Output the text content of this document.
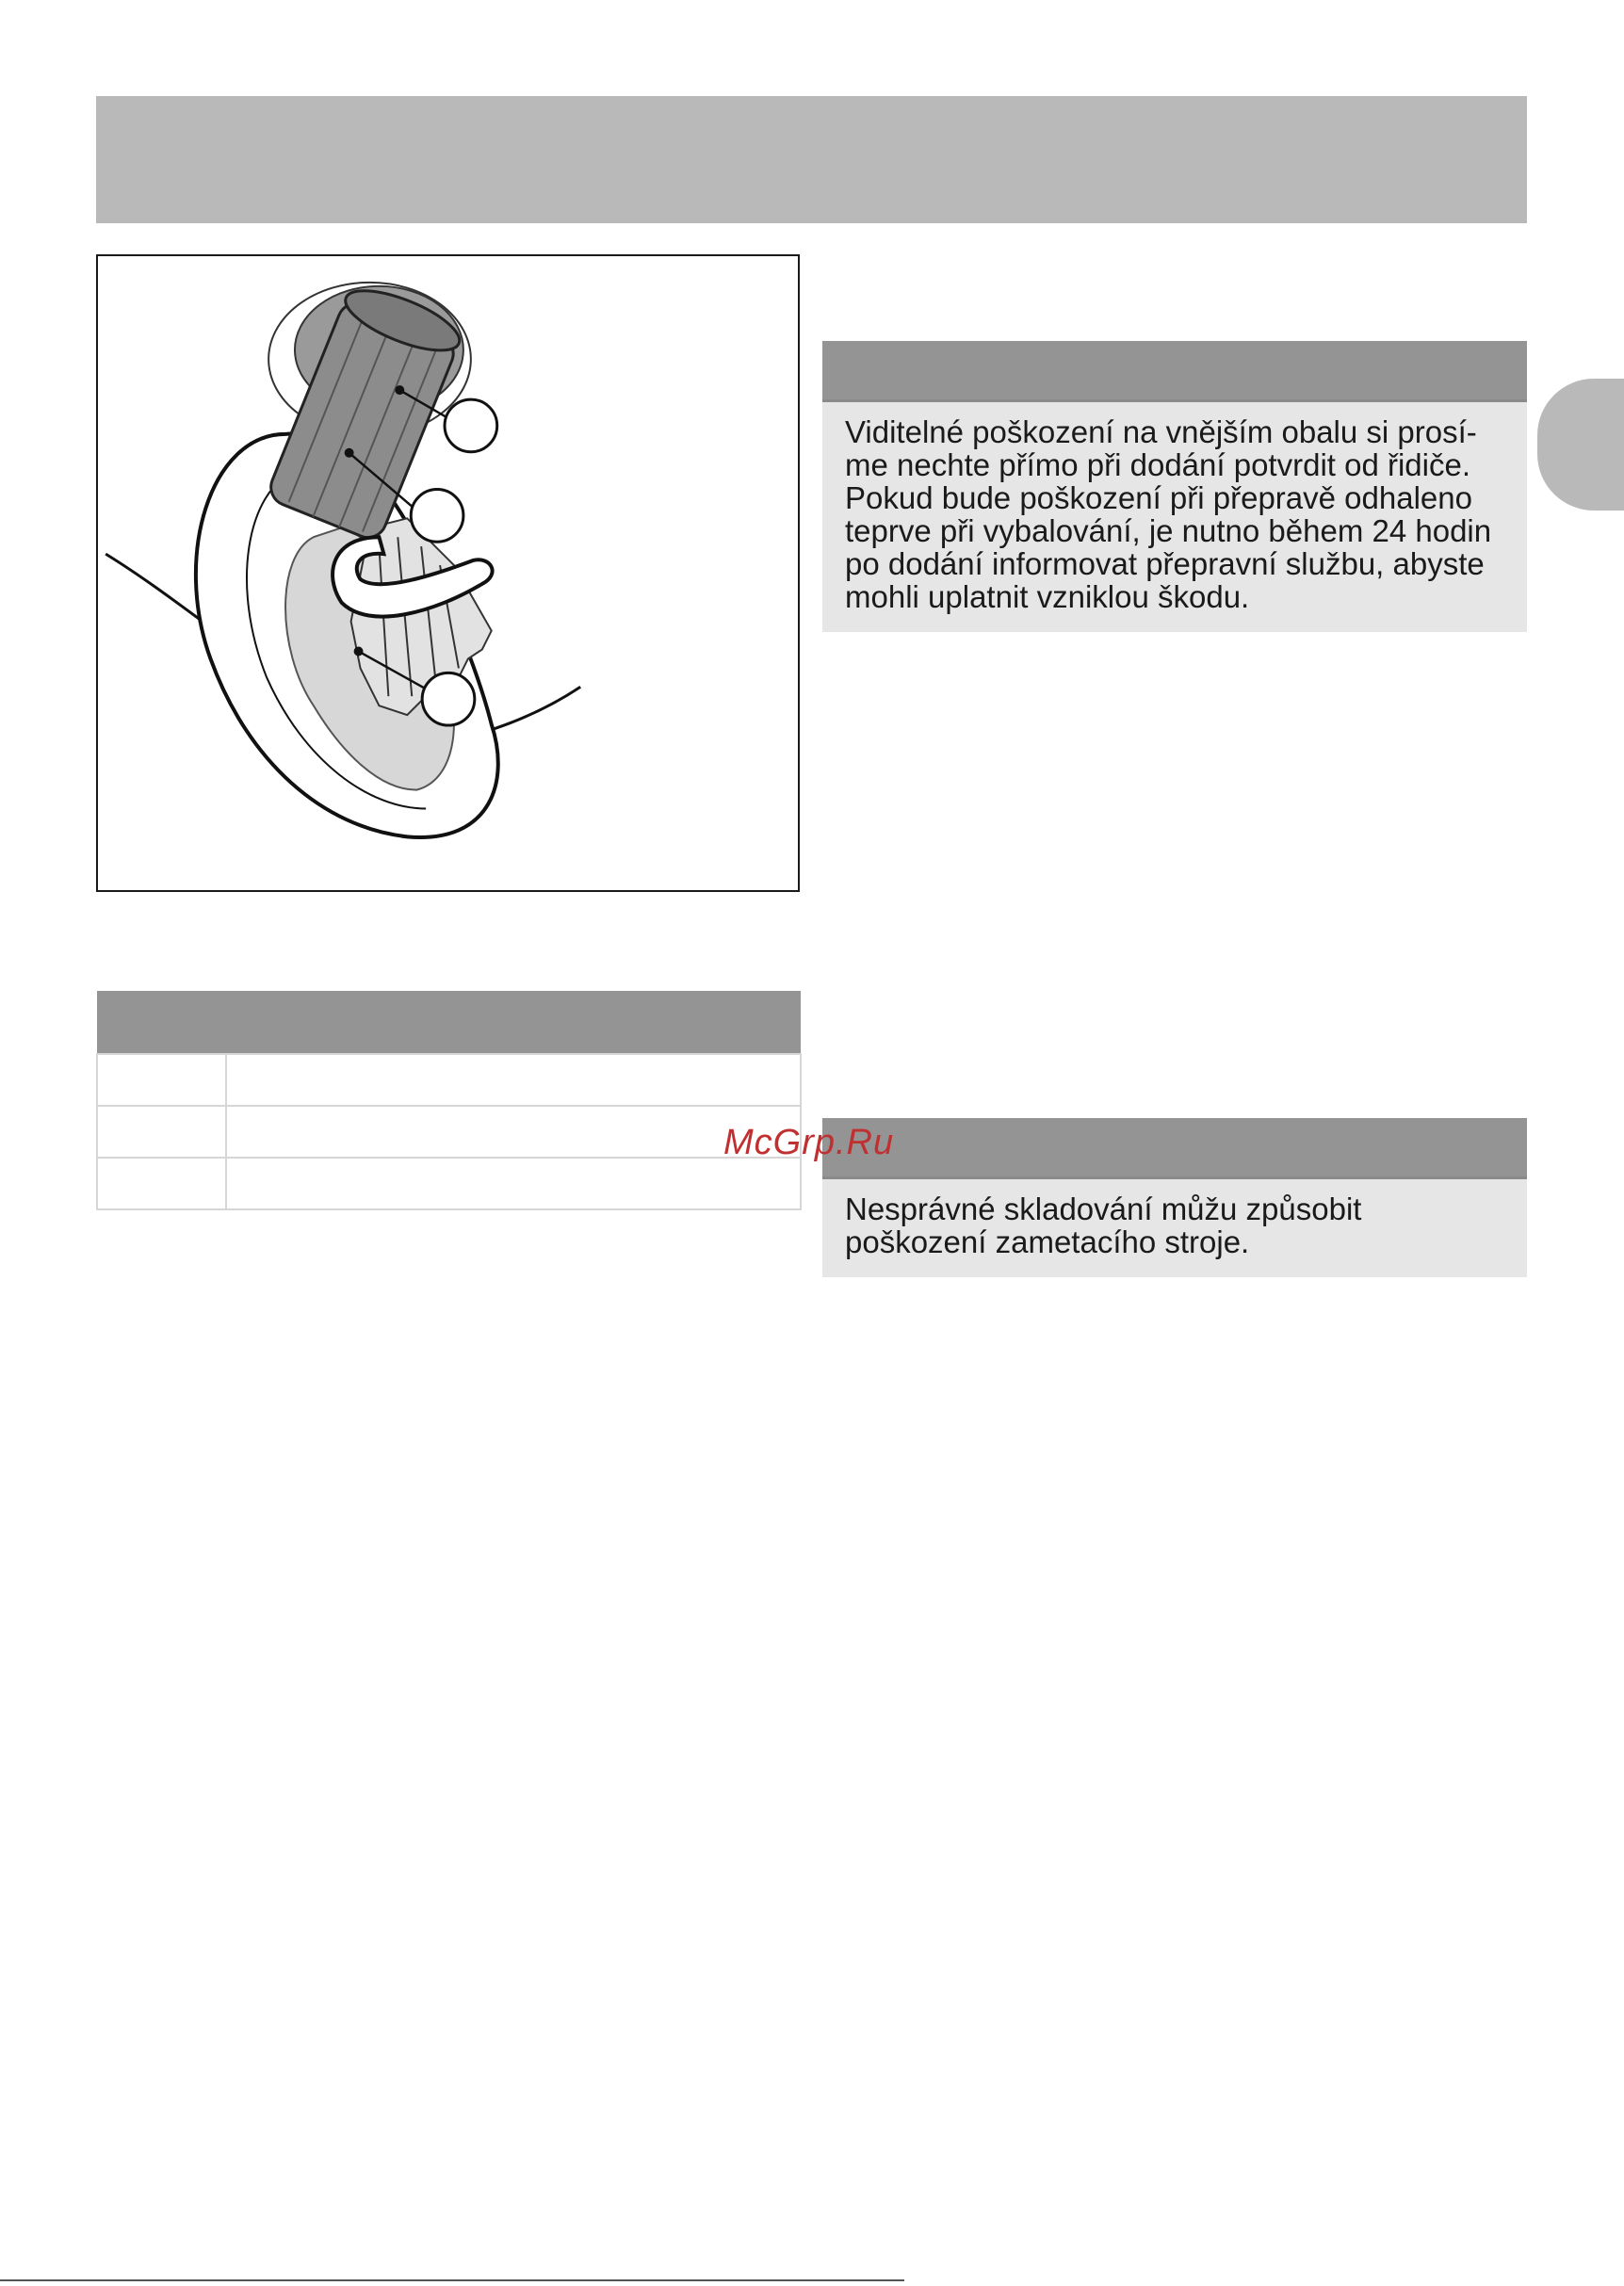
Viditelné poškození na vnějším obalu si prosí-me nechte přímo při dodání potvrdit od řidiče. Pokud bude poškození při přepravě odhaleno teprve při vybalování, je nutno během 24 hodin po dodání informovat přepravní službu, abyste mohli uplatnit vzniklou škodu.

Nesprávné skladování můžu způsobit poškození zametacího stroje.

McGrp.Ru
